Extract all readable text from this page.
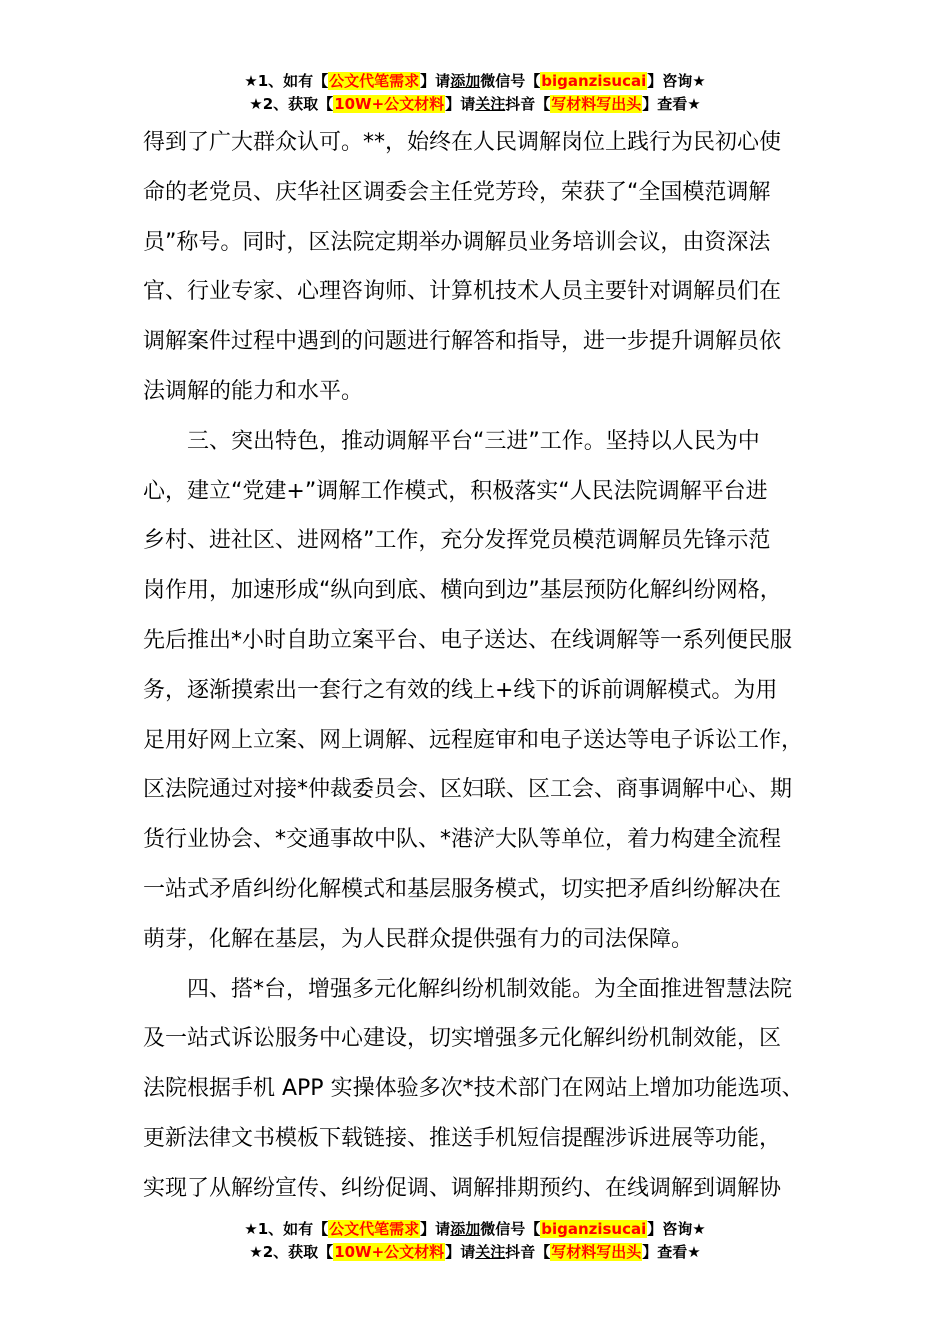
★1、如有【公文代笔需求】请添加微信号【biganzisucai】咨询★
★2、获取【10W+公文材料】请关注抖音【写材料写出头】查看★
得到了广大群众认可。**，始终在人民调解岗位上践行为民初心使
命的老党员、庆华社区调委会主任党芳玲，荣获了“全国模范调解
员”称号。同时，区法院定期举办调解员业务培训会议，由资深法
官、行业专家、心理咨询师、计算机技术人员主要针对调解员们在
调解案件过程中遇到的问题进行解答和指导，进一步提升调解员依
法调解的能力和水平。
三、突出特色，推动调解平台“三进”工作。坚持以人民为中
心，建立“党建+”调解工作模式，积极落实“人民法院调解平台进
乡村、进社区、进网格”工作，充分发挥党员模范调解员先锋示范
岗作用，加速形成“纵向到底、横向到边”基层预防化解纠纷网格，
先后推出*小时自助立案平台、电子送达、在线调解等一系列便民服
务，逐渐摸索出一套行之有效的线上+线下的诉前调解模式。为用
足用好网上立案、网上调解、远程庭审和电子送达等电子诉讼工作，
区法院通过对接*仲裁委员会、区妇联、区工会、商事调解中心、期
货行业协会、*交通事故中队、*港浐大队等单位，着力构建全流程
一站式矛盾纠纷化解模式和基层服务模式，切实把矛盾纠纷解决在
萌芽，化解在基层，为人民群众提供强有力的司法保障。
四、搭*台，增强多元化解纠纷机制效能。为全面推进智慧法院
及一站式诉讼服务中心建设，切实增强多元化解纠纷机制效能，区
法院根据手机 APP 实操体验多次*技术部门在网站上增加功能选项、
更新法律文书模板下载链接、推送手机短信提醒涉诉进展等功能，
实现了从解纷宣传、纠纷促调、调解排期预约、在线调解到调解协
★1、如有【公文代笔需求】请添加微信号【biganzisucai】咨询★
★2、获取【10W+公文材料】请关注抖音【写材料写出头】查看★
